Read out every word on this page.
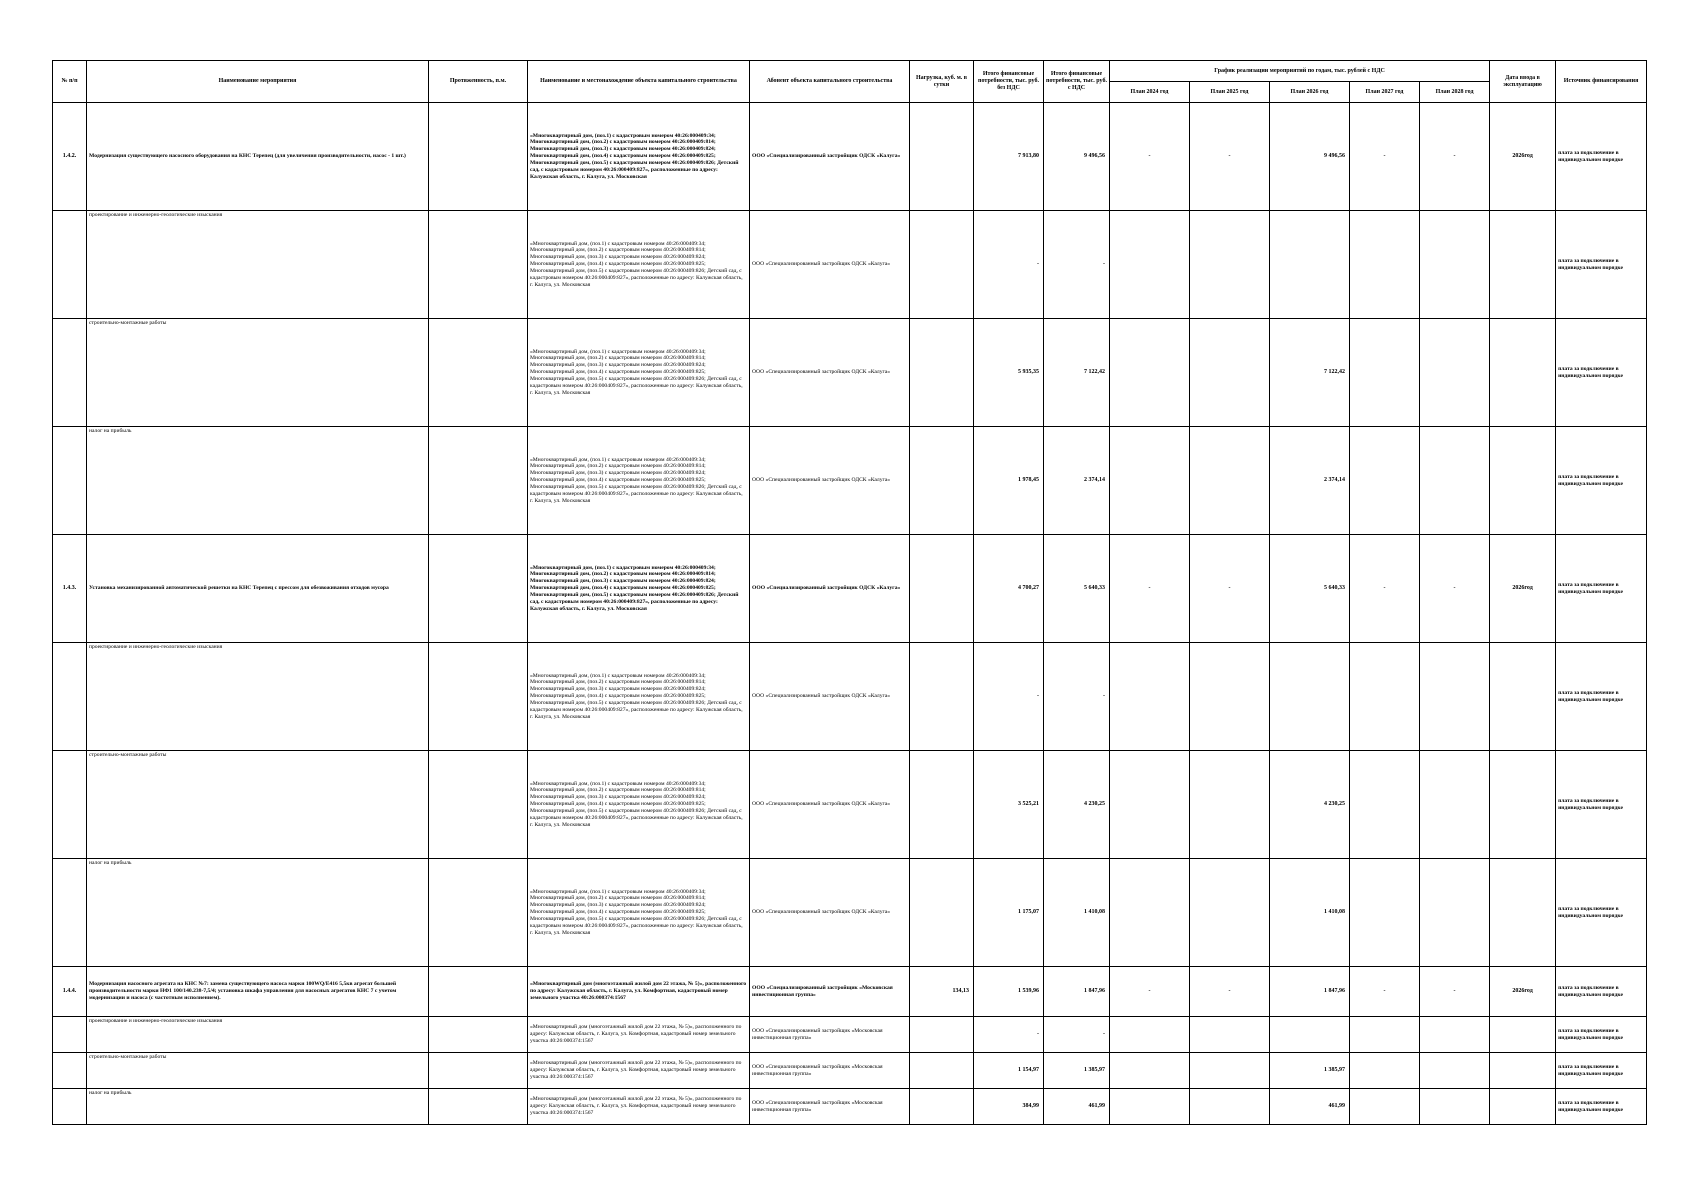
№ п/п	Наименование мероприятия	Протяженность, п.м.	Наименование и местонахождение объекта капитального строительства	Абонент объекта капитального строительства	Нагрузка, куб. м. в сутки	Итого финансовые потребности, тыс. руб. без НДС	Итого финансовые потребности, тыс. руб. с НДС	График реализации мероприятий по годам, тыс. рублей с НДС					Дата ввода в эксплуатацию	Источник финансирования
								План 2024 год	План 2025 год	План 2026 год	План 2027 год	План 2028 год		
1.4.2.	Модернизация существующего насосного оборудования на КНС Терепец (для увеличения производительности, насос - 1 шт.)		«Многоквартирный дом, (поз.1) с кадастровым номером 40:26:000409:34; Многоквартирный дом, (поз.2) с кадастровым номером 40:26:000409:814; Многоквартирный дом, (поз.3) с кадастровым номером 40:26:000409:824; Многоквартирный дом, (поз.4) с кадастровым номером 40:26:000409:825; Многоквартирный дом, (поз.5) с кадастровым номером 40:26:000409:826; Детский сад, с кадастровым номером 40:26:000409:827», расположенные по адресу: Калужская область, г. Калуга, ул. Московская	ООО «Специализированный застройщик ОДСК «Калуга»		7 913,80	9 496,56	-	-	9 496,56	-	-	2026год	плата за подключение в индивидуальном порядке
	проектирование и инженерно-геологические изыскания		«Многоквартирный дом, (поз.1) с кадастровым номером 40:26:000409:34; Многоквартирный дом, (поз.2) с кадастровым номером 40:26:000409:814; Многоквартирный дом, (поз.3) с кадастровым номером 40:26:000409:824; Многоквартирный дом, (поз.4) с кадастровым номером 40:26:000409:825; Многоквартирный дом, (поз.5) с кадастровым номером 40:26:000409:826; Детский сад, с кадастровым номером 40:26:000409:827», расположенные по адресу: Калужская область, г. Калуга, ул. Московская	ООО «Специализированный застройщик ОДСК «Калуга»		-	-							плата за подключение в индивидуальном порядке
	строительно-монтажные работы		«Многоквартирный дом, (поз.1) с кадастровым номером 40:26:000409:34; Многоквартирный дом, (поз.2) с кадастровым номером 40:26:000409:814; Многоквартирный дом, (поз.3) с кадастровым номером 40:26:000409:824; Многоквартирный дом, (поз.4) с кадастровым номером 40:26:000409:825; Многоквартирный дом, (поз.5) с кадастровым номером 40:26:000409:826; Детский сад, с кадастровым номером 40:26:000409:827», расположенные по адресу: Калужская область, г. Калуга, ул. Московская	ООО «Специализированный застройщик ОДСК «Калуга»		5 935,35	7 122,42			7 122,42				плата за подключение в индивидуальном порядке
	налог на прибыль		«Многоквартирный дом, (поз.1) с кадастровым номером 40:26:000409:34; Многоквартирный дом, (поз.2) с кадастровым номером 40:26:000409:814; Многоквартирный дом, (поз.3) с кадастровым номером 40:26:000409:824; Многоквартирный дом, (поз.4) с кадастровым номером 40:26:000409:825; Многоквартирный дом, (поз.5) с кадастровым номером 40:26:000409:826; Детский сад, с кадастровым номером 40:26:000409:827», расположенные по адресу: Калужская область, г. Калуга, ул. Московская	ООО «Специализированный застройщик ОДСК «Калуга»		1 978,45	2 374,14			2 374,14				плата за подключение в индивидуальном порядке
1.4.3.	Установка механизированной автоматической решетки на КНС Терепец с прессом для обезвоживания отходов мусора		«Многоквартирный дом, (поз.1) с кадастровым номером 40:26:000409:34; Многоквартирный дом, (поз.2) с кадастровым номером 40:26:000409:814; Многоквартирный дом, (поз.3) с кадастровым номером 40:26:000409:824; Многоквартирный дом, (поз.4) с кадастровым номером 40:26:000409:825; Многоквартирный дом, (поз.5) с кадастровым номером 40:26:000409:826; Детский сад, с кадастровым номером 40:26:000409:827», расположенные по адресу: Калужская область, г. Калуга, ул. Московская	ООО «Специализированный застройщик ОДСК «Калуга»		4 700,27	5 640,33	-	-	5 640,33	-	-	2026год	плата за подключение в индивидуальном порядке
	проектирование и инженерно-геологические изыскания		«Многоквартирный дом, (поз.1) с кадастровым номером 40:26:000409:34; Многоквартирный дом, (поз.2) с кадастровым номером 40:26:000409:814; Многоквартирный дом, (поз.3) с кадастровым номером 40:26:000409:824; Многоквартирный дом, (поз.4) с кадастровым номером 40:26:000409:825; Многоквартирный дом, (поз.5) с кадастровым номером 40:26:000409:826; Детский сад, с кадастровым номером 40:26:000409:827», расположенные по адресу: Калужская область, г. Калуга, ул. Московская	ООО «Специализированный застройщик ОДСК «Калуга»		-	-							плата за подключение в индивидуальном порядке
	строительно-монтажные работы		«Многоквартирный дом, (поз.1) с кадастровым номером 40:26:000409:34; Многоквартирный дом, (поз.2) с кадастровым номером 40:26:000409:814; Многоквартирный дом, (поз.3) с кадастровым номером 40:26:000409:824; Многоквартирный дом, (поз.4) с кадастровым номером 40:26:000409:825; Многоквартирный дом, (поз.5) с кадастровым номером 40:26:000409:826; Детский сад, с кадастровым номером 40:26:000409:827», расположенные по адресу: Калужская область, г. Калуга, ул. Московская	ООО «Специализированный застройщик ОДСК «Калуга»		3 525,21	4 230,25			4 230,25				плата за подключение в индивидуальном порядке
	налог на прибыль		«Многоквартирный дом, (поз.1) с кадастровым номером 40:26:000409:34; Многоквартирный дом, (поз.2) с кадастровым номером 40:26:000409:814; Многоквартирный дом, (поз.3) с кадастровым номером 40:26:000409:824; Многоквартирный дом, (поз.4) с кадастровым номером 40:26:000409:825; Многоквартирный дом, (поз.5) с кадастровым номером 40:26:000409:826; Детский сад, с кадастровым номером 40:26:000409:827», расположенные по адресу: Калужская область, г. Калуга, ул. Московская	ООО «Специализированный застройщик ОДСК «Калуга»		1 175,07	1 410,08			1 410,08				плата за подключение в индивидуальном порядке
1.4.4.	Модернизация насосного агрегата на КНС №7: замена существующего насоса марки 100WQ/E416 5,5кв агрегат большей производительности марки НФ1 100/140.238-7,5/4; установка шкафа управления для насосных агрегатов КНС 7 с учетом модернизации и насоса (с частотным исполнением).		«Многоквартирный дом (многоэтажный жилой дом 22 этажа, № 5)», расположенного по адресу: Калужская область, г. Калуга, ул. Комфортная, кадастровый номер земельного участка 40:26:000374:1567	ООО «Специализированный застройщик «Московская инвестиционная группа»	134,13	1 539,96	1 847,96	-	-	1 847,96	-	-	2026год	плата за подключение в индивидуальном порядке
	проектирование и инженерно-геологические изыскания		«Многоквартирный дом (многоэтажный жилой дом 22 этажа, № 5)», расположенного по адресу: Калужская область, г. Калуга, ул. Комфортная, кадастровый номер земельного участка 40:26:000374:1567	ООО «Специализированный застройщик «Московская инвестиционная группа»		-	-							плата за подключение в индивидуальном порядке
	строительно-монтажные работы		«Многоквартирный дом (многоэтажный жилой дом 22 этажа, № 5)», расположенного по адресу: Калужская область, г. Калуга, ул. Комфортная, кадастровый номер земельного участка 40:26:000374:1567	ООО «Специализированный застройщик «Московская инвестиционная группа»		1 154,97	1 385,97			1 385,97				плата за подключение в индивидуальном порядке
	налог на прибыль		«Многоквартирный дом (многоэтажный жилой дом 22 этажа, № 5)», расположенного по адресу: Калужская область, г. Калуга, ул. Комфортная, кадастровый номер земельного участка 40:26:000374:1567	ООО «Специализированный застройщик «Московская инвестиционная группа»		384,99	461,99			461,99				плата за подключение в индивидуальном порядке
